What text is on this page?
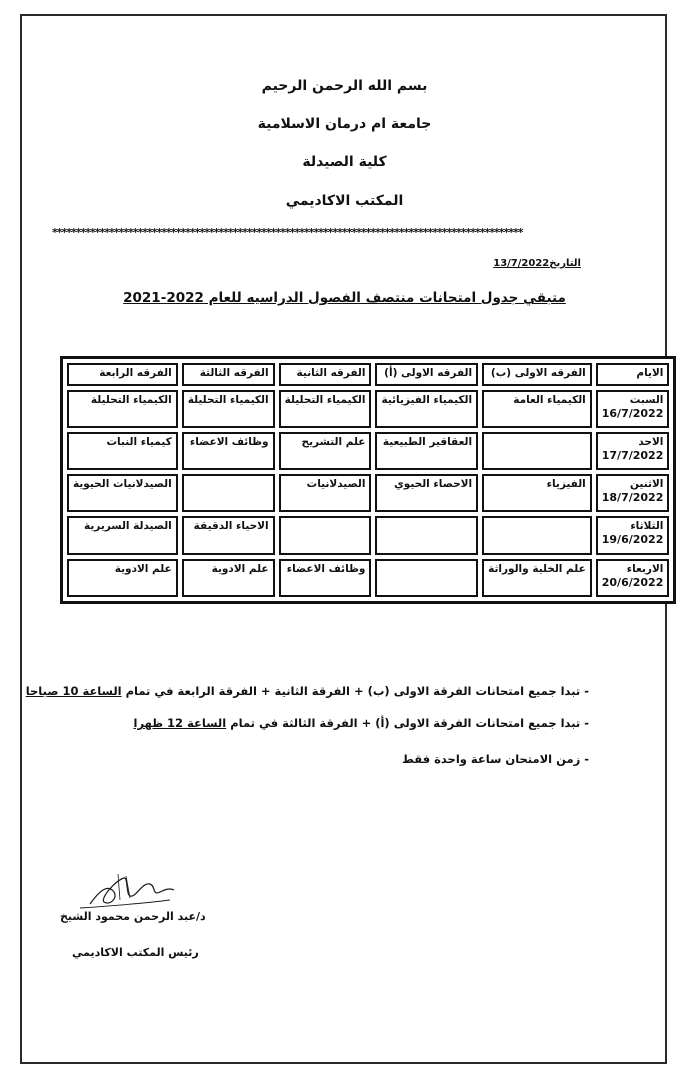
بسم الله الرحمن الرحيم
جامعة ام درمان الاسلامية
كلية الصيدلة
المكتب الاكاديمي
***************************************************************************************************
التاريخ13/7/2022
متبقي جدول امتحانات منتصف الفصول الدراسيه للعام 2022-2021
الايام	الفرقه الاولى (ب)	الفرقه الاولى (أ)	الفرقه الثانية	الفرقه الثالثة	الفرقه الرابعة
السبت
16/7/2022	الكيمياء العامة	الكيمياء الفيزيائية	الكيمياء التحليلة	الكيمياء التحليلة	الكيمياء التحليلة
الاحد
17/7/2022		العقاقير الطبيعية	علم التشريح	وظائف الاعضاء	كيمياء النبات
الاثنين
18/7/2022	الفيزياء	الاحصاء الحيوي	الصيدلانيات		الصيدلانيات الحيوية
الثلاثاء
19/6/2022				الاحياء الدقيقة	الصيدلة السريرية
الاربعاء
20/6/2022	علم الخلية والوراثة		وظائف الاعضاء	علم الادوية	علم الادوية
- تبدا جميع امتحانات الفرقة الاولى (ب) + الفرقة الثانية + الفرقة الرابعة في تمام الساعة 10 صباحا
- تبدا جميع امتحانات الفرقة الاولى (أ) + الفرقة الثالثة في تمام الساعة 12 ظهرا
- زمن الامتحان ساعة واحدة فقط
د/عبد الرحمن محمود الشيخ
رئيس المكتب الاكاديمي
